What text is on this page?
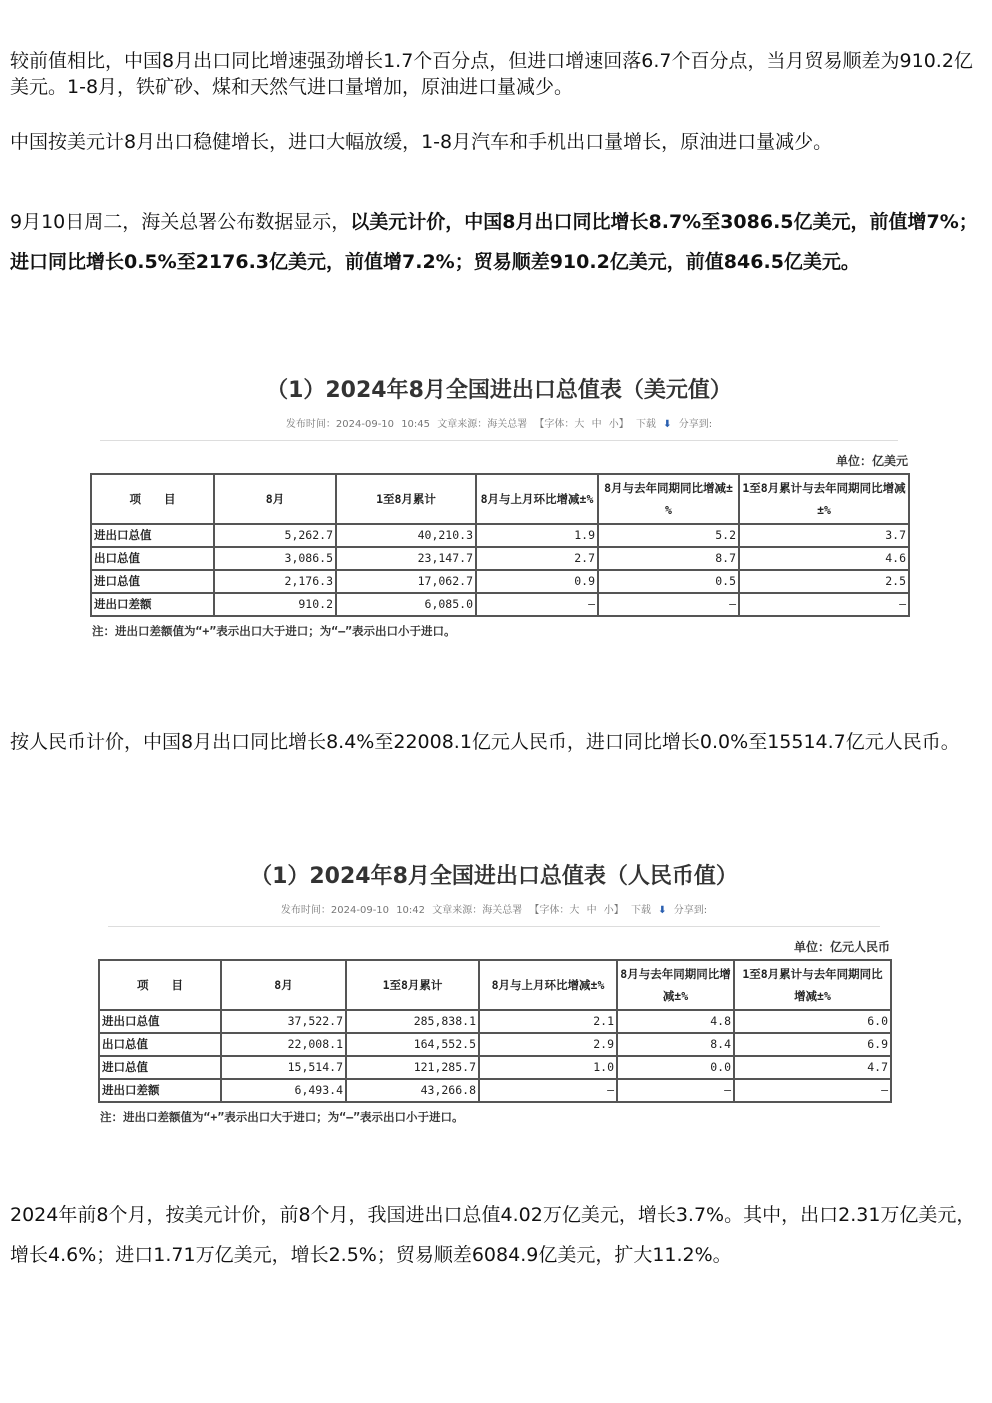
较前值相比，中国8月出口同比增速强劲增长1.7个百分点，但进口增速回落6.7个百分点，当月贸易顺差为910.2亿美元。1-8月，铁矿砂、煤和天然气进口量增加，原油进口量减少。

中国按美元计8月出口稳健增长，进口大幅放缓，1-8月汽车和手机出口量增长，原油进口量减少。

9月10日周二，海关总署公布数据显示，以美元计价，中国8月出口同比增长8.7%至3086.5亿美元，前值增7%；进口同比增长0.5%至2176.3亿美元，前值增7.2%；贸易顺差910.2亿美元，前值846.5亿美元。

（1）2024年8月全国进出口总值表（美元值）
发布时间：2024-09-10 10:45 文章来源：海关总署 【字体：大 中 小】 下载 ⬇ 分享到:
单位：亿美元
项　　目	8月	1至8月累计	8月与上月环比增减±%	8月与去年同期同比增减±%	1至8月累计与去年同期同比增减±%
进出口总值	5,262.7	40,210.3	1.9	5.2	3.7
出口总值	3,086.5	23,147.7	2.7	8.7	4.6
进口总值	2,176.3	17,062.7	0.9	0.5	2.5
进出口差额	910.2	6,085.0	–	–	–
注：进出口差额值为“+”表示出口大于进口；为“–”表示出口小于进口。

按人民币计价，中国8月出口同比增长8.4%至22008.1亿元人民币，进口同比增长0.0%至15514.7亿元人民币。

（1）2024年8月全国进出口总值表（人民币值）
发布时间：2024-09-10 10:42 文章来源：海关总署 【字体：大 中 小】 下载 ⬇ 分享到:
单位：亿元人民币
项　　目	8月	1至8月累计	8月与上月环比增减±%	8月与去年同期同比增减±%	1至8月累计与去年同期同比增减±%
进出口总值	37,522.7	285,838.1	2.1	4.8	6.0
出口总值	22,008.1	164,552.5	2.9	8.4	6.9
进口总值	15,514.7	121,285.7	1.0	0.0	4.7
进出口差额	6,493.4	43,266.8	–	–	–
注：进出口差额值为“+”表示出口大于进口；为“–”表示出口小于进口。

2024年前8个月，按美元计价，前8个月，我国进出口总值4.02万亿美元，增长3.7%。其中，出口2.31万亿美元，增长4.6%；进口1.71万亿美元，增长2.5%；贸易顺差6084.9亿美元，扩大11.2%。
